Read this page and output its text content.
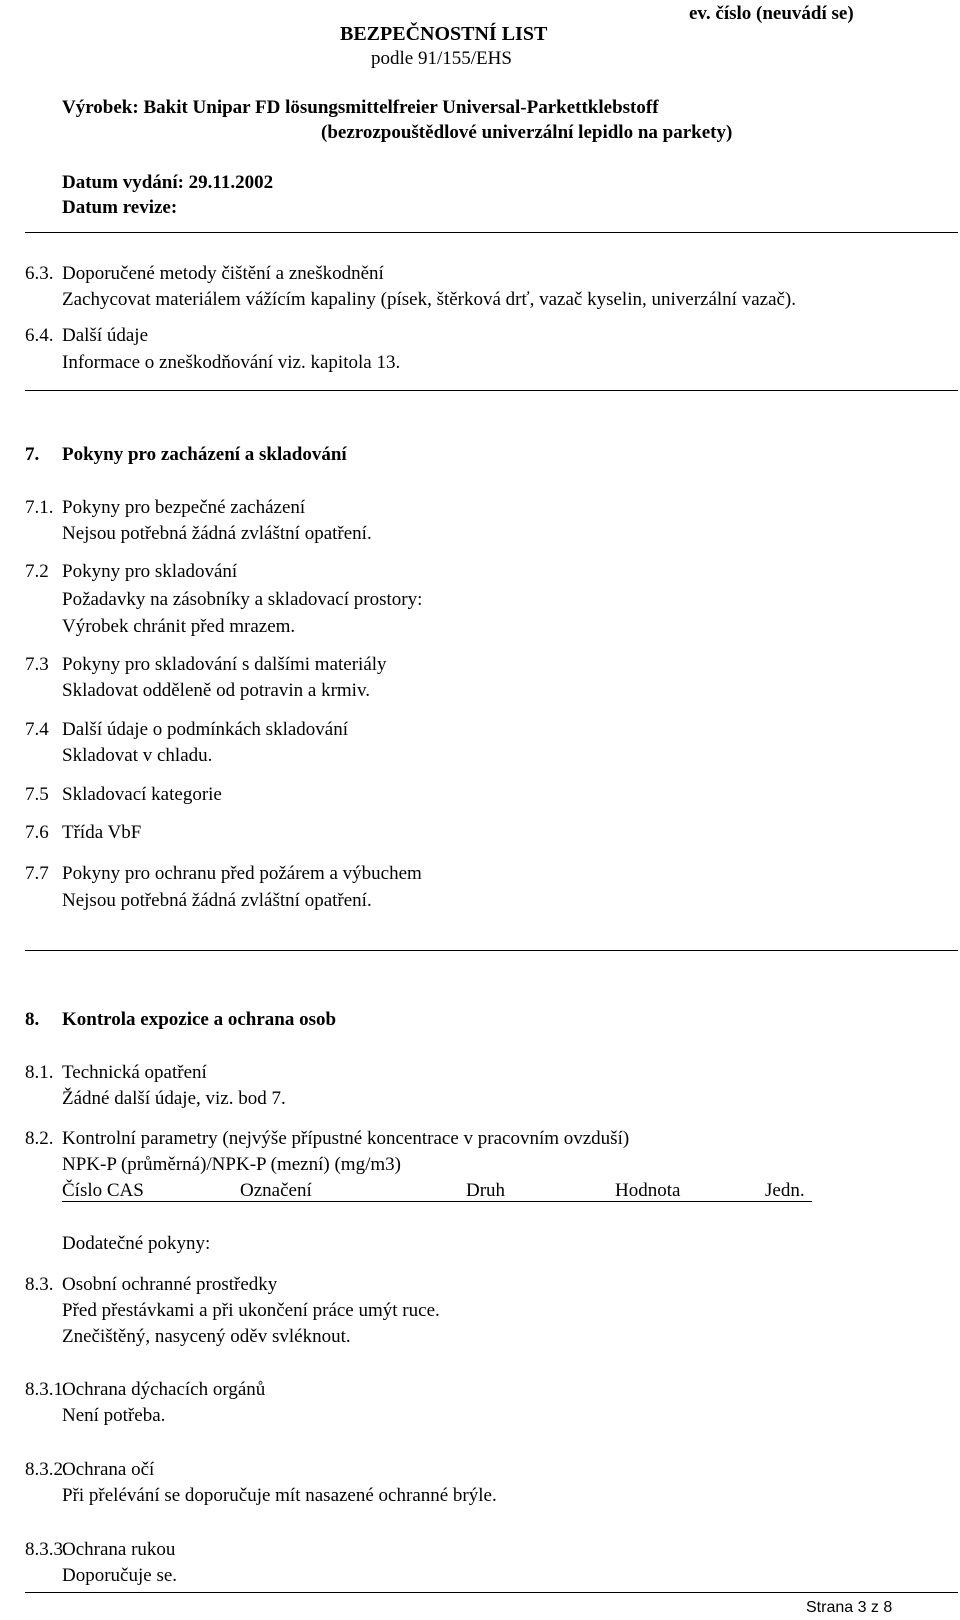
BEZPEČNOSTNÍ LIST
podle 91/155/EHS
ev. číslo (neuvádí se)
Výrobek: Bakit Unipar FD lösungsmittelfreier Universal-Parkettklebstoff
(bezrozpouštědlové univerzální lepidlo na parkety)
Datum vydání: 29.11.2002
Datum revize:
6.3. Doporučené metody čištění a zneškodnění
Zachycovat materiálem vážícím kapaliny (písek, štěrková drť, vazač kyselin, univerzální vazač).
6.4. Další údaje
Informace o zneškodňování viz. kapitola 13.
7. Pokyny pro zacházení a skladování
7.1. Pokyny pro bezpečné zacházení
Nejsou potřebná žádná zvláštní opatření.
7.2 Pokyny pro skladování
Požadavky na zásobníky a skladovací prostory:
Výrobek chránit před mrazem.
7.3 Pokyny pro skladování s dalšími materiály
Skladovat odděleně od potravin a krmiv.
7.4 Další údaje o podmínkách skladování
Skladovat v chladu.
7.5 Skladovací kategorie
7.6 Třída VbF
7.7 Pokyny pro ochranu před požárem a výbuchem
Nejsou potřebná žádná zvláštní opatření.
8. Kontrola expozice a ochrana osob
8.1. Technická opatření
Žádné další údaje, viz. bod 7.
8.2. Kontrolní parametry (nejvýše přípustné koncentrace v pracovním ovzduší)
NPK-P (průměrná)/NPK-P (mezní) (mg/m3)
Číslo CAS	Označení	Druh	Hodnota	Jedn.
Dodatečné pokyny:
8.3. Osobní ochranné prostředky
Před přestávkami a při ukončení práce umýt ruce.
Znečištěný, nasycený oděv svléknout.
8.3.1.
Ochrana dýchacích orgánů
Není potřeba.
8.3.2.
Ochrana očí
Při přelévání se doporučuje mít nasazené ochranné brýle.
8.3.3.
Ochrana rukou
Doporučuje se.
Strana 3 z 8
